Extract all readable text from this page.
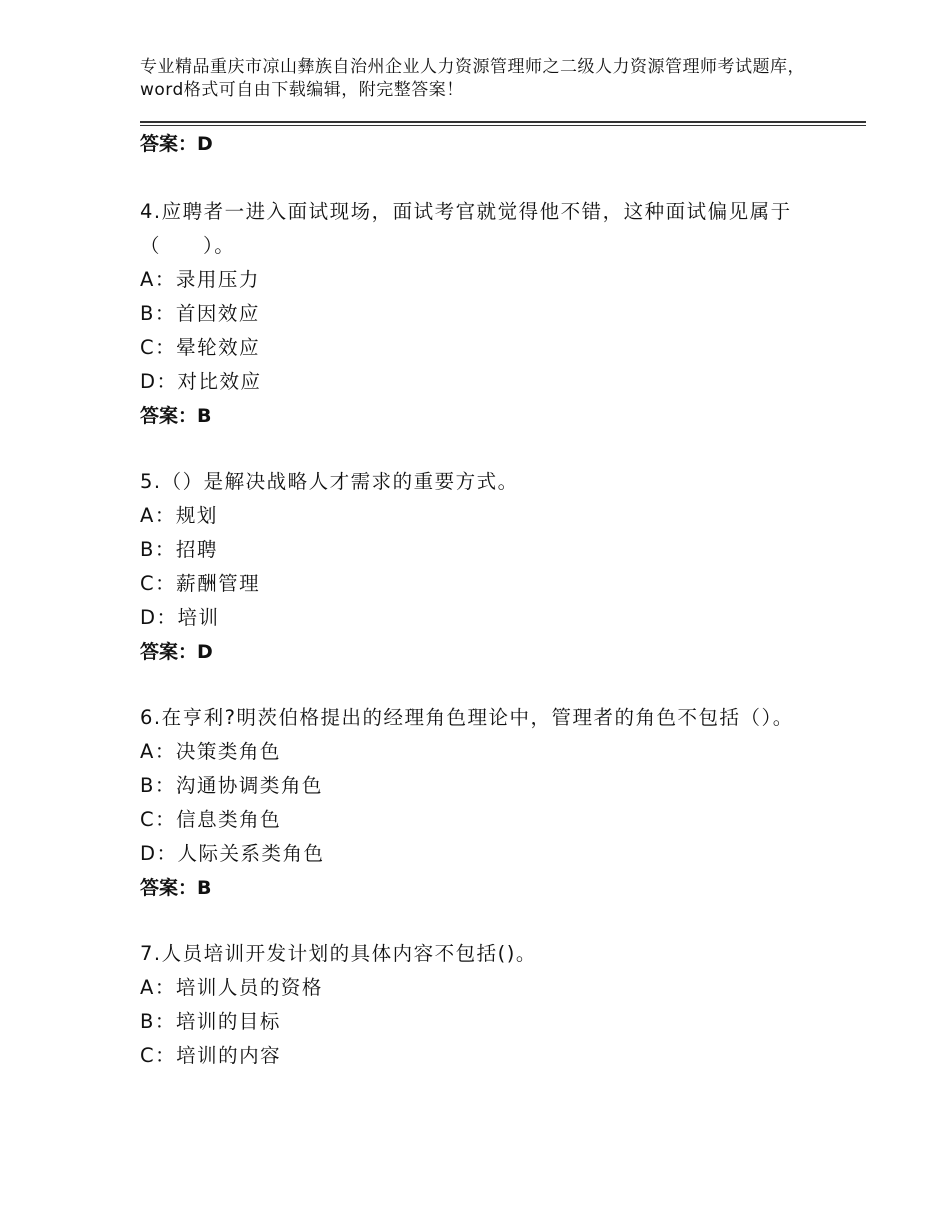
专业精品重庆市凉山彝族自治州企业人力资源管理师之二级人力资源管理师考试题库，word格式可自由下载编辑，附完整答案！
答案：D
4.应聘者一进入面试现场，面试考官就觉得他不错，这种面试偏见属于（　　）。
A：录用压力
B：首因效应
C：晕轮效应
D：对比效应
答案：B
5.（）是解决战略人才需求的重要方式。
A：规划
B：招聘
C：薪酬管理
D：培训
答案：D
6.在亨利?明茨伯格提出的经理角色理论中，管理者的角色不包括（）。
A：决策类角色
B：沟通协调类角色
C：信息类角色
D：人际关系类角色
答案：B
7.人员培训开发计划的具体内容不包括()。
A：培训人员的资格
B：培训的目标
C：培训的内容
